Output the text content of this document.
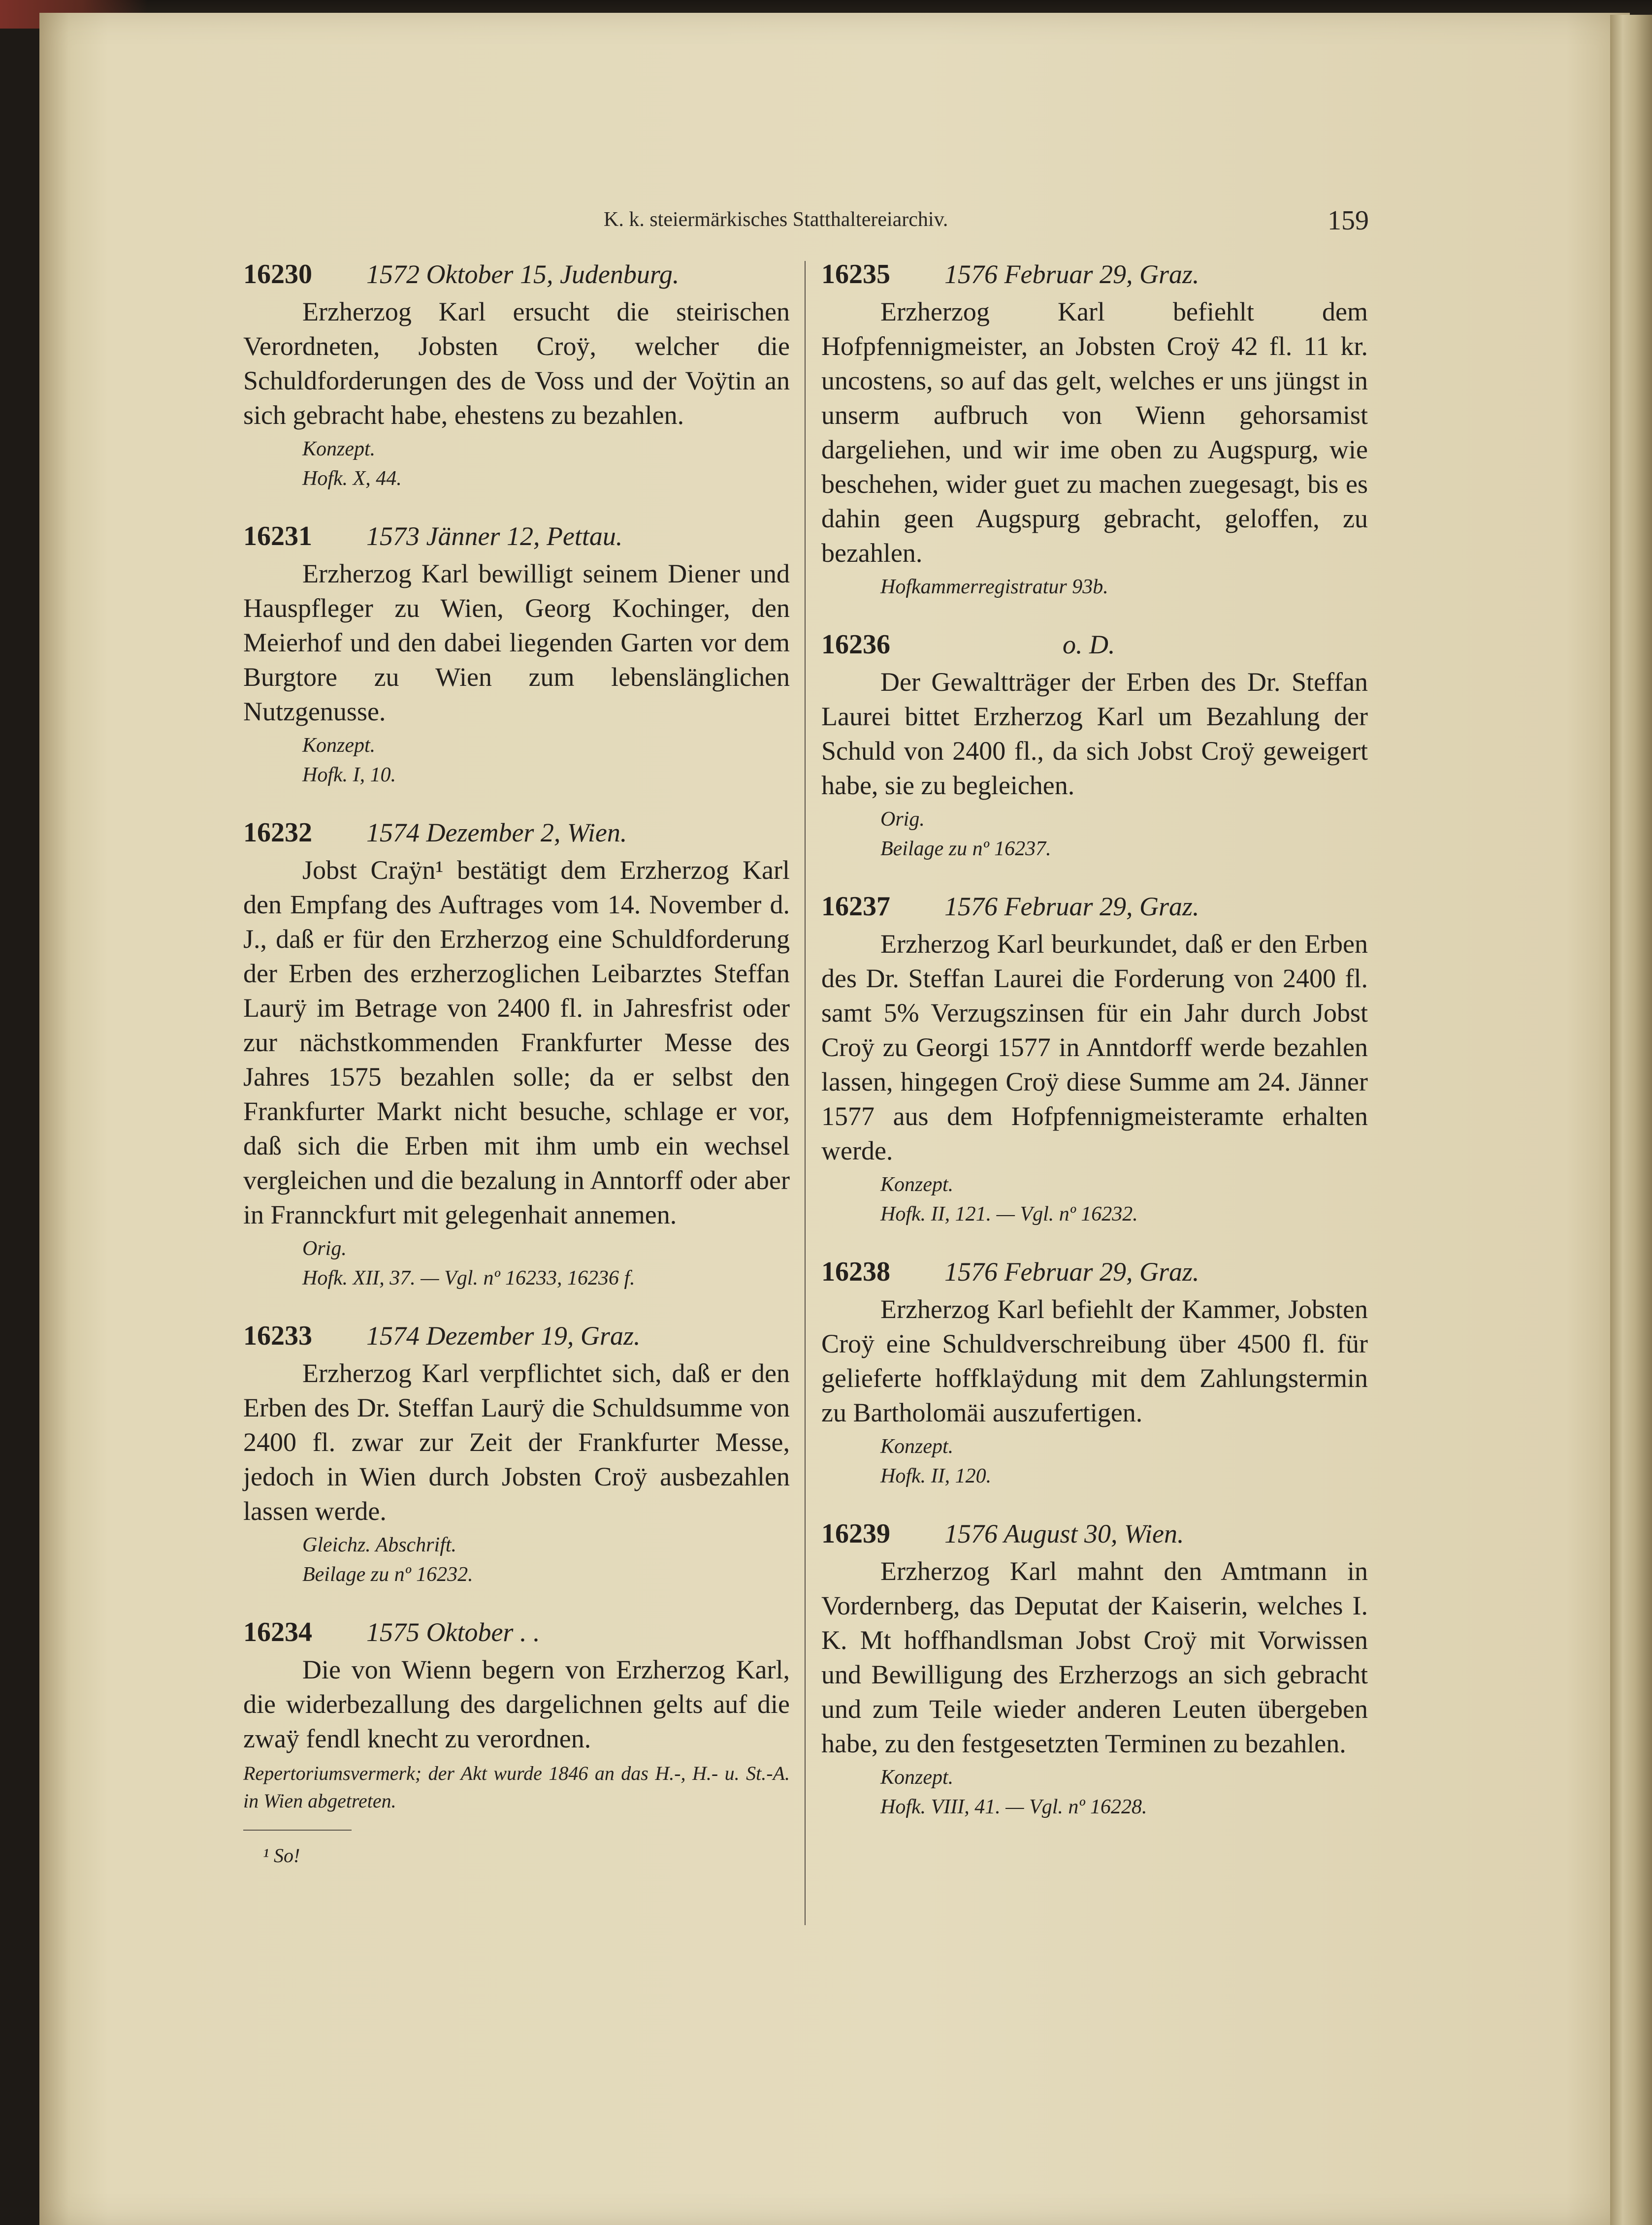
K. k. steiermärkisches Statthaltereiarchiv.	159
16230	1572 Oktober 15, Judenburg.
Erzherzog Karl ersucht die steirischen Verordneten, Jobsten Croÿ, welcher die Schuldforderungen des de Voss und der Voÿtin an sich gebracht habe, ehestens zu bezahlen.
Konzept.
Hofk. X, 44.
16231	1573 Jänner 12, Pettau.
Erzherzog Karl bewilligt seinem Diener und Hauspfleger zu Wien, Georg Kochinger, den Meierhof und den dabei liegenden Garten vor dem Burgtore zu Wien zum lebenslänglichen Nutzgenusse.
Konzept.
Hofk. I, 10.
16232	1574 Dezember 2, Wien.
Jobst Craÿn¹ bestätigt dem Erzherzog Karl den Empfang des Auftrages vom 14. November d. J., daß er für den Erzherzog eine Schuldforderung der Erben des erzherzoglichen Leibarztes Steffan Laurÿ im Betrage von 2400 fl. in Jahresfrist oder zur nächstkommenden Frankfurter Messe des Jahres 1575 bezahlen solle; da er selbst den Frankfurter Markt nicht besuche, schlage er vor, daß sich die Erben mit ihm umb ein wechsel vergleichen und die bezalung in Anntorff oder aber in Frannckfurt mit gelegenhait annemen.
Orig.
Hofk. XII, 37. — Vgl. nº 16233, 16236 f.
16233	1574 Dezember 19, Graz.
Erzherzog Karl verpflichtet sich, daß er den Erben des Dr. Steffan Laurÿ die Schuldsumme von 2400 fl. zwar zur Zeit der Frankfurter Messe, jedoch in Wien durch Jobsten Croÿ ausbezahlen lassen werde.
Gleichz. Abschrift.
Beilage zu nº 16232.
16234	1575 Oktober . .
Die von Wienn begern von Erzherzog Karl, die widerbezallung des dargelichnen gelts auf die zwaÿ fendl knecht zu verordnen.
Repertoriumsvermerk; der Akt wurde 1846 an das H.-, H.- u. St.-A. in Wien abgetreten.
¹ So!
16235	1576 Februar 29, Graz.
Erzherzog Karl befiehlt dem Hofpfennigmeister, an Jobsten Croÿ 42 fl. 11 kr. uncostens, so auf das gelt, welches er uns jüngst in unserm aufbruch von Wienn gehorsamist dargeliehen, und wir ime oben zu Augspurg, wie beschehen, wider guet zu machen zuegesagt, bis es dahin geen Augspurg gebracht, geloffen, zu bezahlen.
Hofkammerregistratur 93b.
16236	o. D.
Der Gewaltträger der Erben des Dr. Steffan Laurei bittet Erzherzog Karl um Bezahlung der Schuld von 2400 fl., da sich Jobst Croÿ geweigert habe, sie zu begleichen.
Orig.
Beilage zu nº 16237.
16237	1576 Februar 29, Graz.
Erzherzog Karl beurkundet, daß er den Erben des Dr. Steffan Laurei die Forderung von 2400 fl. samt 5% Verzugszinsen für ein Jahr durch Jobst Croÿ zu Georgi 1577 in Anntdorff werde bezahlen lassen, hingegen Croÿ diese Summe am 24. Jänner 1577 aus dem Hofpfennigmeisteramte erhalten werde.
Konzept.
Hofk. II, 121. — Vgl. nº 16232.
16238	1576 Februar 29, Graz.
Erzherzog Karl befiehlt der Kammer, Jobsten Croÿ eine Schuldverschreibung über 4500 fl. für gelieferte hoffklaÿdung mit dem Zahlungstermin zu Bartholomäi auszufertigen.
Konzept.
Hofk. II, 120.
16239	1576 August 30, Wien.
Erzherzog Karl mahnt den Amtmann in Vordernberg, das Deputat der Kaiserin, welches I. K. Mt hoffhandlsman Jobst Croÿ mit Vorwissen und Bewilligung des Erzherzogs an sich gebracht und zum Teile wieder anderen Leuten übergeben habe, zu den festgesetzten Terminen zu bezahlen.
Konzept.
Hofk. VIII, 41. — Vgl. nº 16228.
